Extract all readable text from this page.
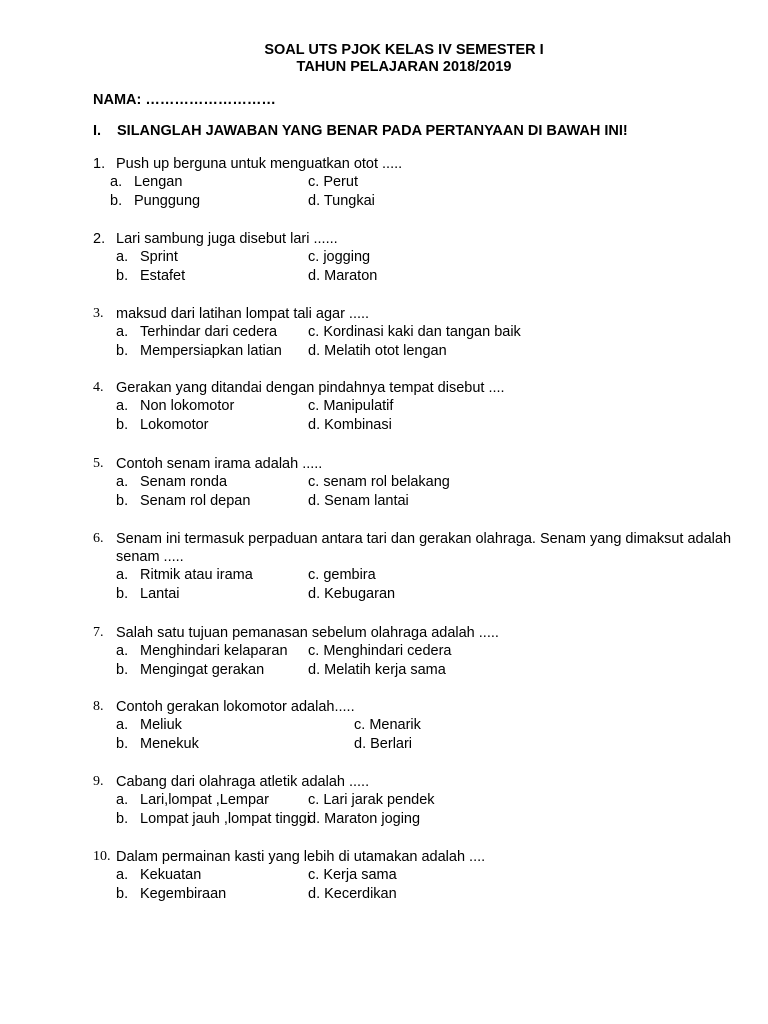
SOAL UTS PJOK KELAS IV SEMESTER I
TAHUN PELAJARAN 2018/2019
NAMA: ………………………
I. SILANGLAH JAWABAN YANG BENAR PADA PERTANYAAN DI BAWAH INI!
1. Push up berguna untuk menguatkan otot .....
a. Lengan
b. Punggung
c. Perut
d. Tungkai
2. Lari sambung juga disebut lari ......
a. Sprint
b. Estafet
c. jogging
d. Maraton
3. maksud dari latihan lompat tali agar .....
a. Terhindar dari cedera
b. Mempersiapkan latian
c. Kordinasi kaki dan tangan baik
d. Melatih otot lengan
4. Gerakan yang ditandai dengan pindahnya tempat disebut ....
a. Non lokomotor
b. Lokomotor
c. Manipulatif
d. Kombinasi
5. Contoh senam irama adalah .....
a. Senam ronda
b. Senam rol depan
c. senam rol belakang
d. Senam lantai
6. Senam ini termasuk perpaduan antara tari dan gerakan olahraga. Senam yang dimaksut adalah senam .....
a. Ritmik atau irama
b. Lantai
c. gembira
d. Kebugaran
7. Salah satu tujuan pemanasan sebelum olahraga adalah .....
a. Menghindari kelaparan
b. Mengingat gerakan
c. Menghindari cedera
d. Melatih kerja sama
8. Contoh gerakan lokomotor adalah.....
a. Meliuk
b. Menekuk
c. Menarik
d. Berlari
9. Cabang dari olahraga atletik adalah .....
a. Lari,lompat ,Lempar
b. Lompat jauh ,lompat tinggi
c. Lari jarak pendek
d. Maraton joging
10. Dalam permainan kasti yang lebih di utamakan adalah ....
a. Kekuatan
b. Kegembiraan
c. Kerja sama
d. Kecerdikan
